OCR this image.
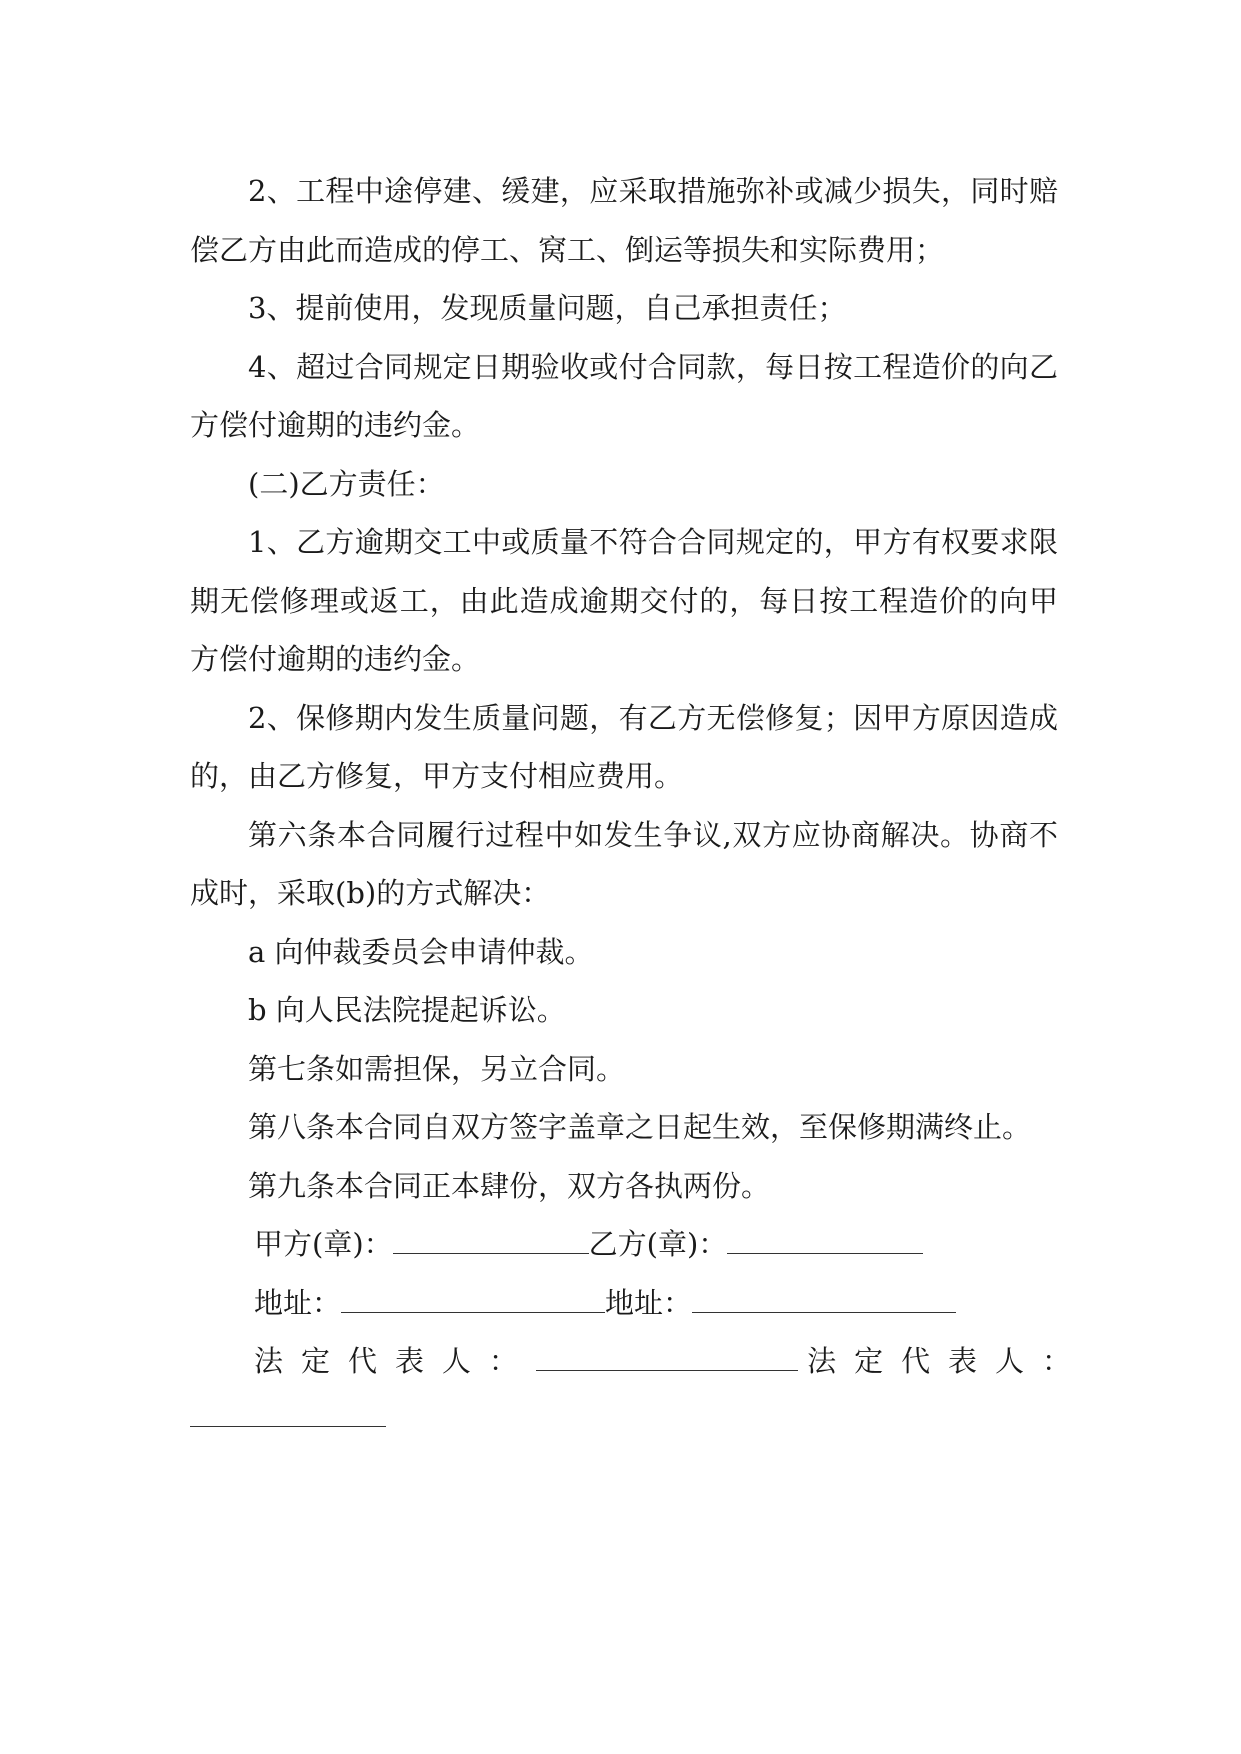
2、工程中途停建、缓建，应采取措施弥补或减少损失，同时赔偿乙方由此而造成的停工、窝工、倒运等损失和实际费用；

3、提前使用，发现质量问题，自己承担责任；

4、超过合同规定日期验收或付合同款，每日按工程造价的向乙方偿付逾期的违约金。

(二)乙方责任：

1、乙方逾期交工中或质量不符合合同规定的，甲方有权要求限期无偿修理或返工，由此造成逾期交付的，每日按工程造价的向甲方偿付逾期的违约金。

2、保修期内发生质量问题，有乙方无偿修复；因甲方原因造成的，由乙方修复，甲方支付相应费用。

第六条本合同履行过程中如发生争议,双方应协商解决。协商不成时，采取(b)的方式解决：

a 向仲裁委员会申请仲裁。

b 向人民法院提起诉讼。

第七条如需担保，另立合同。

第八条本合同自双方签字盖章之日起生效，至保修期满终止。

第九条本合同正本肆份，双方各执两份。

甲方(章)：	乙方(章)：

地址：	地址：

法定代表人：	法定代表人：
